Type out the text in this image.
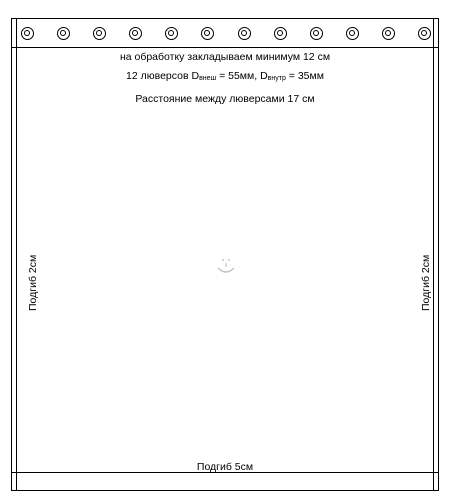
на обработку закладываем минимум 12 см
12 люверсов $D_{внеш} = 55мм$, $D_{внутр} = 35мм$
Расстояние между люверсами 17 см
Подгиб 2см	Подгиб 2см
Подгиб 5см
